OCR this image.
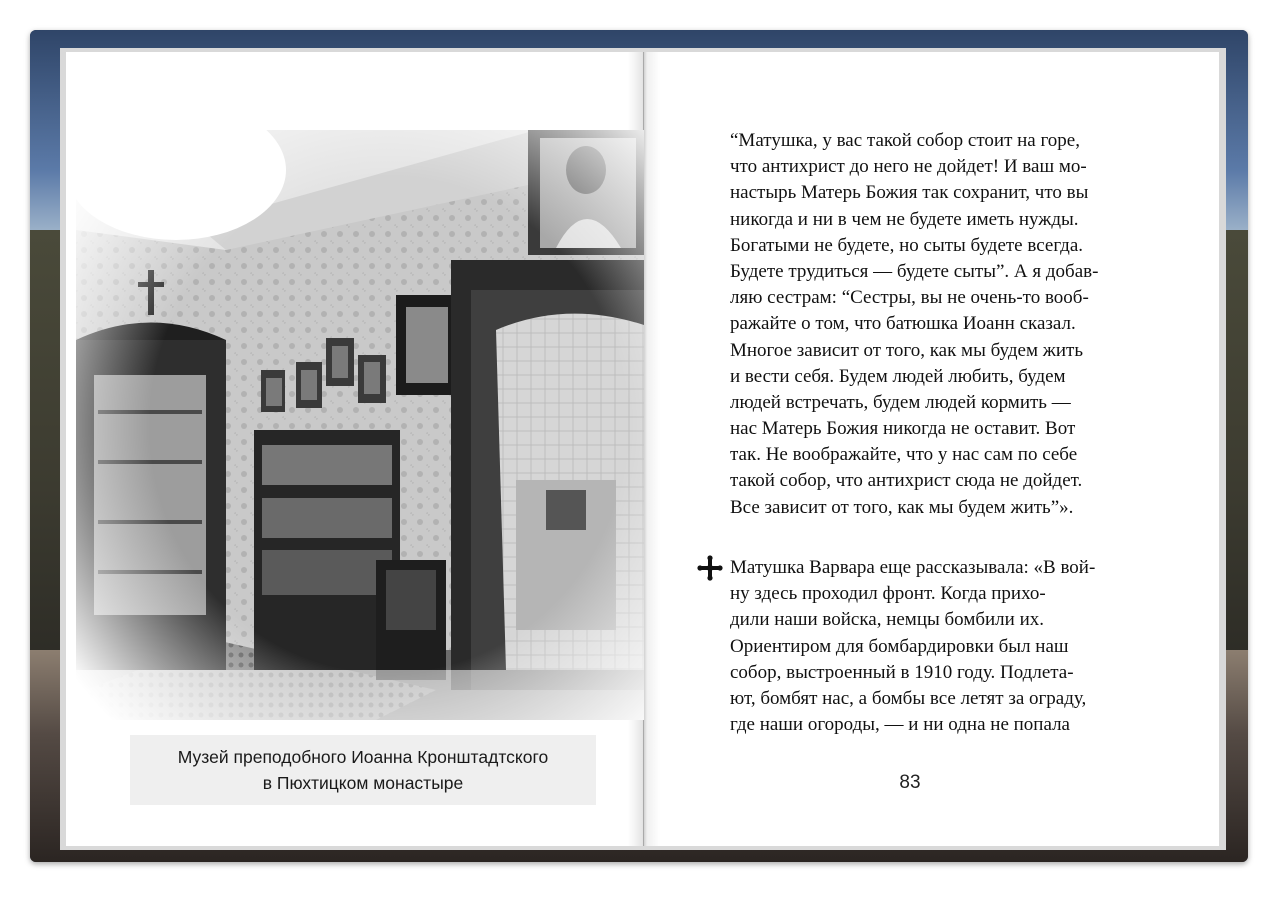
Музей преподобного Иоанна Кронштадтского
в Пюхтицком монастыре
“Матушка, у вас такой собор стоит на горе,
что антихрист до него не дойдет! И ваш мо-
настырь Матерь Божия так сохранит, что вы
никогда и ни в чем не будете иметь нужды.
Богатыми не будете, но сыты будете всегда.
Будете трудиться — будете сыты”. А я добав-
ляю сестрам: “Сестры, вы не очень-то вооб-
ражайте о том, что батюшка Иоанн сказал.
Многое зависит от того, как мы будем жить
и вести себя. Будем людей любить, будем
людей встречать, будем людей кормить —
нас Матерь Божия никогда не оставит. Вот
так. Не воображайте, что у нас сам по себе
такой собор, что антихрист сюда не дойдет.
Все зависит от того, как мы будем жить”».
Матушка Варвара еще рассказывала: «В вой-
ну здесь проходил фронт. Когда прихо-
дили наши войска, немцы бомбили их.
Ориентиром для бомбардировки был наш
собор, выстроенный в 1910 году. Подлета-
ют, бомбят нас, а бомбы все летят за ограду,
где наши огороды, — и ни одна не попала
83
